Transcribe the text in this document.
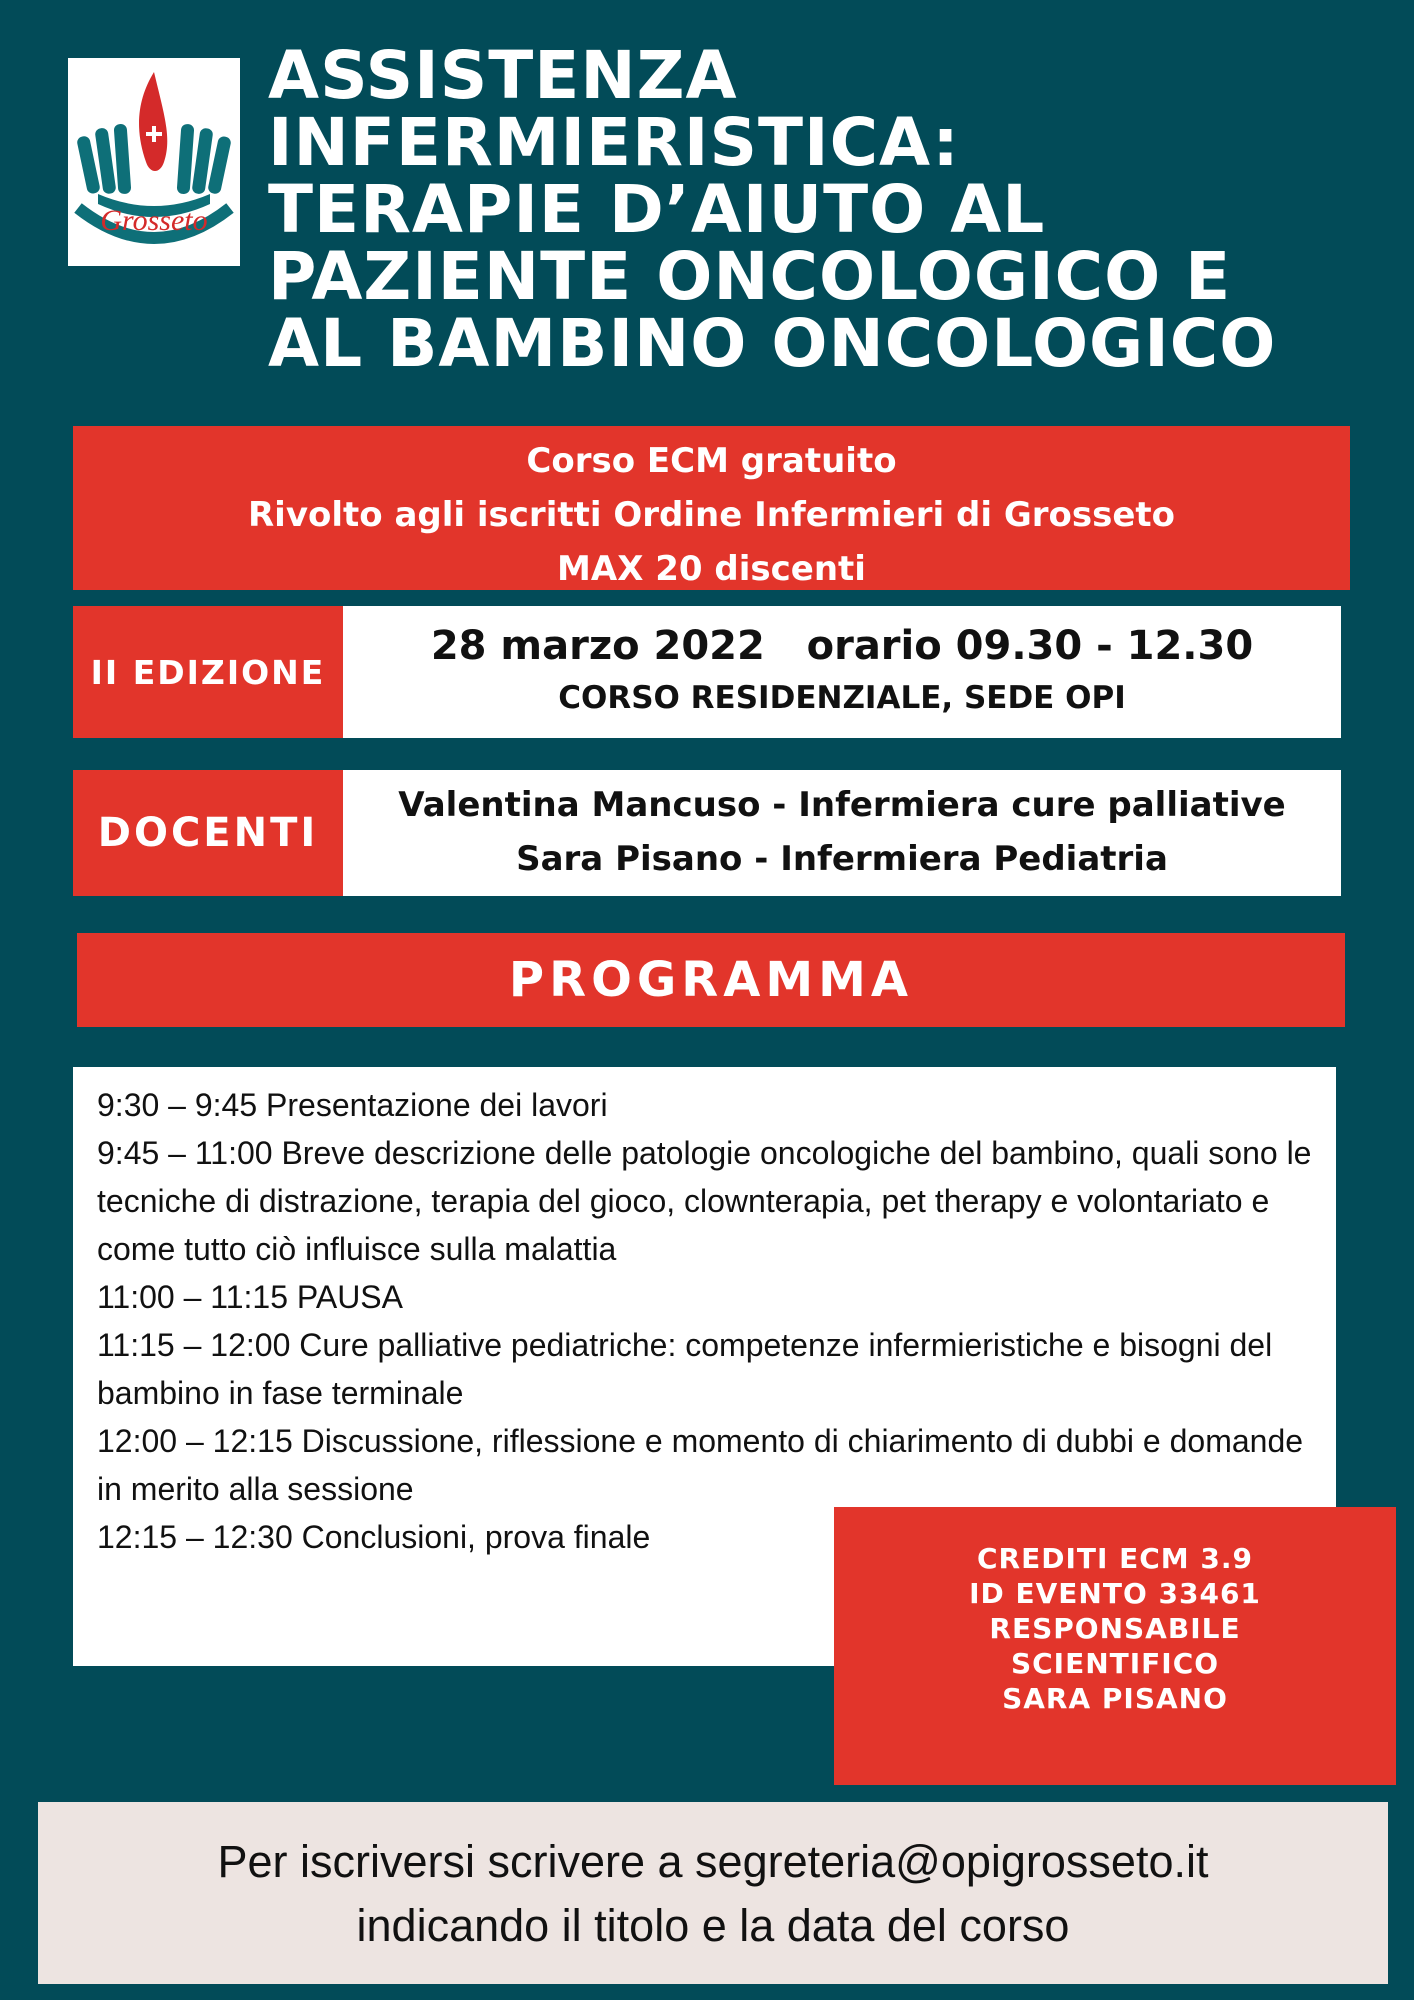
Grosseto
ASSISTENZA
INFERMIERISTICA:
TERAPIE D’AIUTO AL
PAZIENTE ONCOLOGICO E
AL BAMBINO ONCOLOGICO
Corso ECM gratuito
Rivolto agli iscritti Ordine Infermieri di Grosseto
MAX 20 discenti
II EDIZIONE
28 marzo 2022   orario 09.30 - 12.30
CORSO RESIDENZIALE, SEDE OPI
DOCENTI
Valentina Mancuso - Infermiera cure palliative
Sara Pisano - Infermiera Pediatria
PROGRAMMA
9:30 – 9:45 Presentazione dei lavori
9:45 – 11:00 Breve descrizione delle patologie oncologiche del bambino, quali sono le tecniche di distrazione, terapia del gioco, clownterapia, pet therapy e volontariato e come tutto ciò influisce sulla malattia
11:00 – 11:15 PAUSA
11:15 – 12:00 Cure palliative pediatriche: competenze infermieristiche e bisogni del bambino in fase terminale
12:00 – 12:15 Discussione, riflessione e momento di chiarimento di dubbi e domande in merito alla sessione
12:15 – 12:30 Conclusioni, prova finale
CREDITI ECM 3.9
ID EVENTO 33461
RESPONSABILE
SCIENTIFICO
SARA PISANO
Per iscriversi scrivere a segreteria@opigrosseto.it
indicando il titolo e la data del corso
